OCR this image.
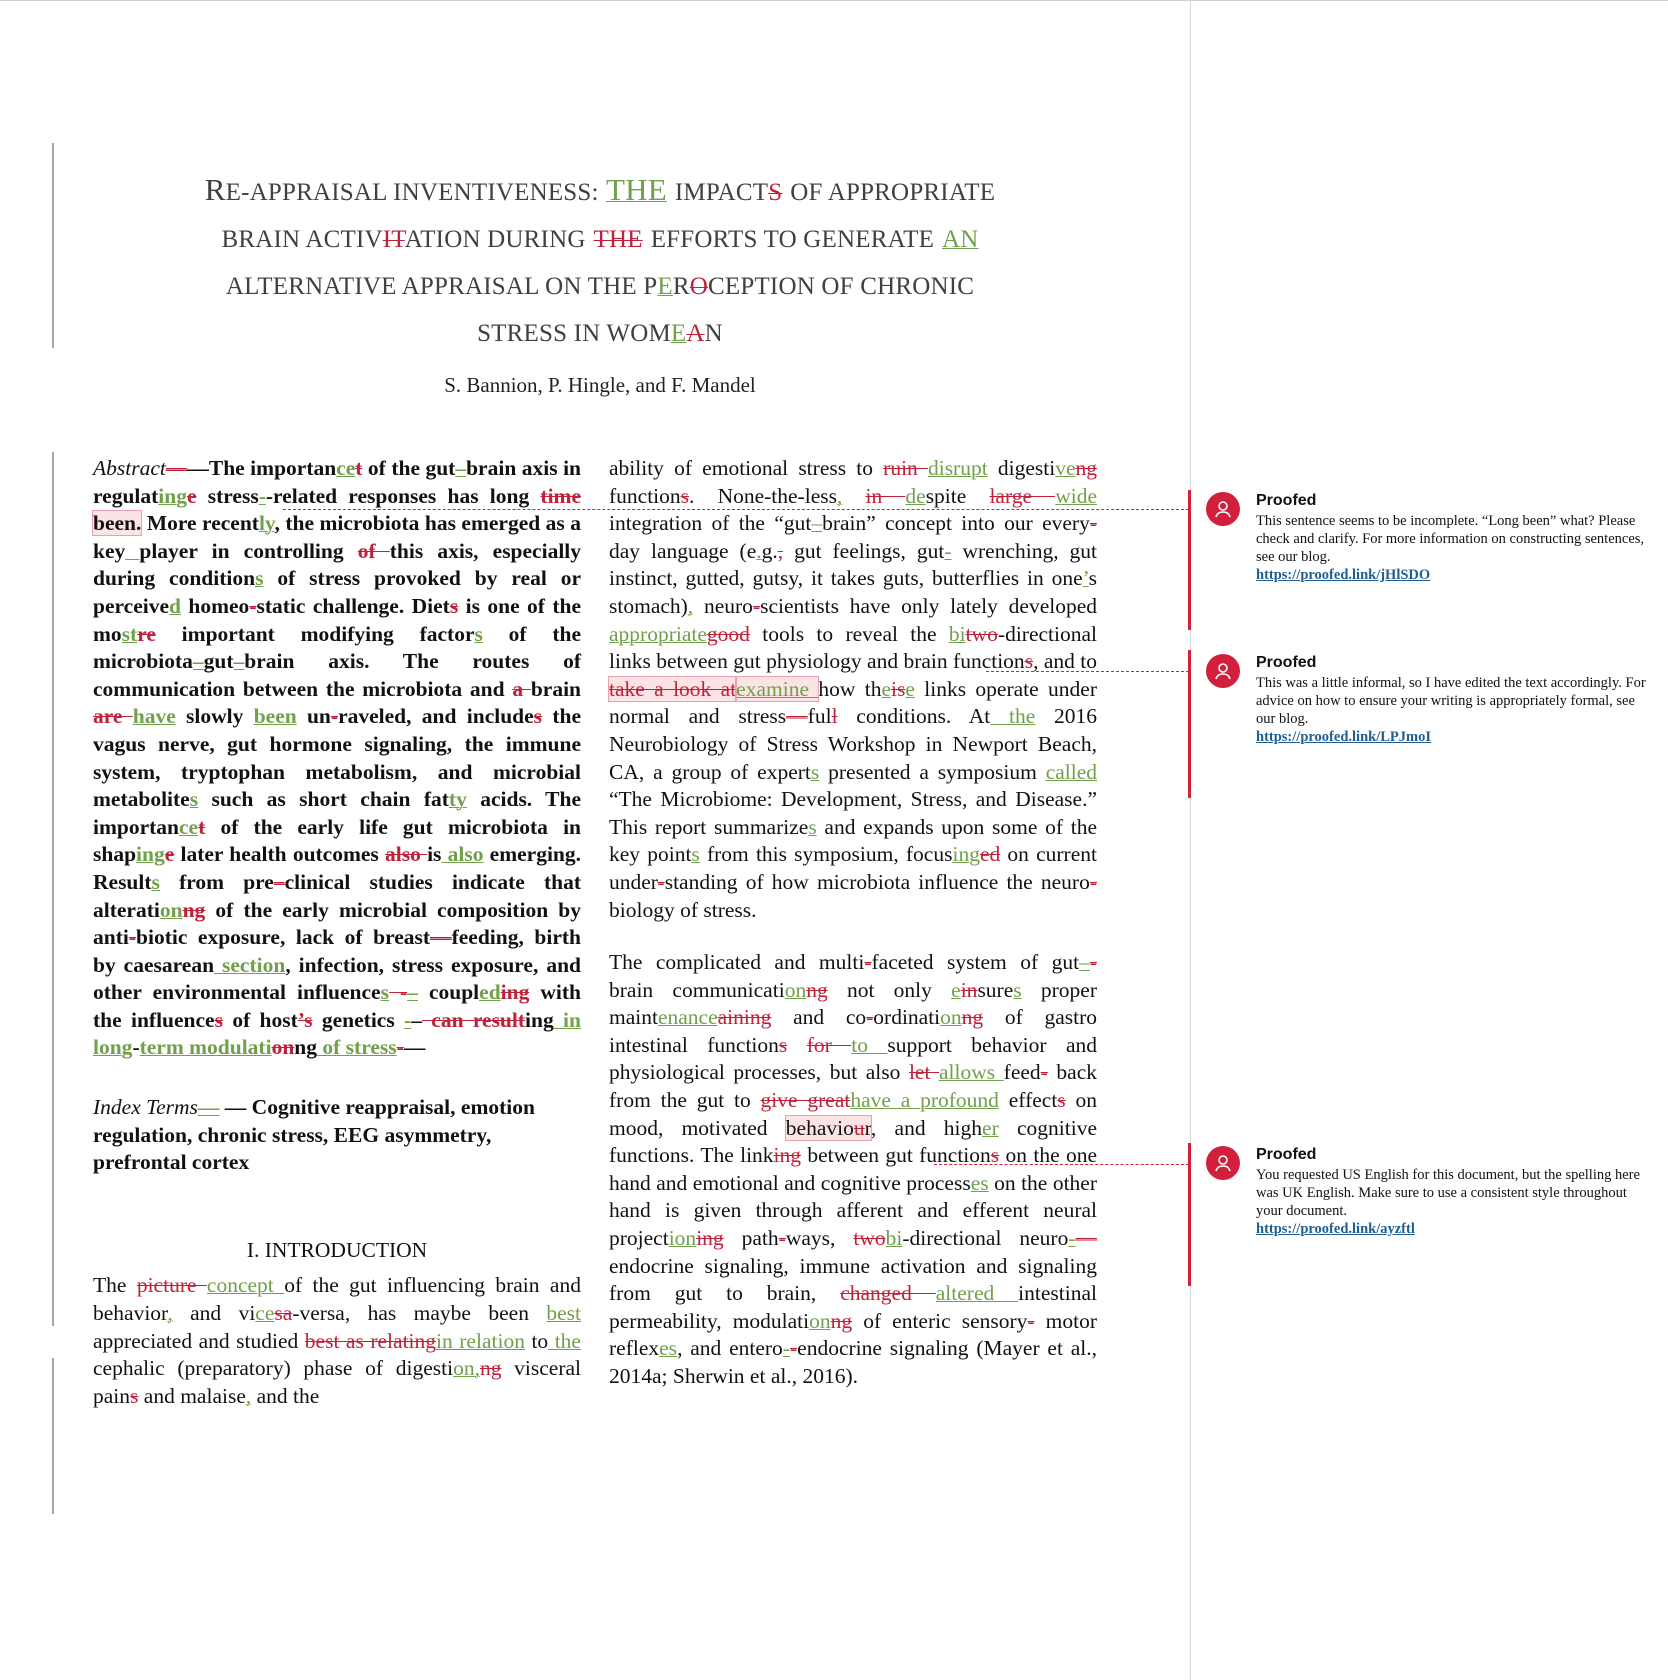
RE-APPRAISAL INVENTIVENESS: THE IMPACTS OF APPROPRIATE
BRAIN ACTIVITATION DURING THE EFFORTS TO GENERATE AN
ALTERNATIVE APPRAISAL ON THE PEROCEPTION OF CHRONIC
STRESS IN WOMEAN
S. Bannion, P. Hingle, and F. Mandel

Abstract——The importancet of the gut–brain axis in regulatinge stress--related responses has long time been. More recently, the microbiota has emerged as a key player in controlling of this axis, especially during conditions of stress provoked by real or perceived homeo-static challenge. Diets is one of the mostre important modifying factors of the microbiota–gut–brain axis. The routes of communication between the microbiota and a brain are have slowly been un-raveled, and includes the vagus nerve, gut hormone signaling, the immune system, tryptophan metabolism, and microbial metabolites such as short chain fatty acids. The importancet of the early life gut microbiota in shapinge later health outcomes also is also emerging. Results from pre–clinical studies indicate that alterationng of the early microbial composition by anti-biotic exposure, lack of breast—feeding, birth by caesarean section, infection, stress exposure, and other environmental influences -– coupleding with the influences of host’s genetics -– can resulting in long-term modulationng of stress-—

Index Terms— — Cognitive reappraisal, emotion regulation, chronic stress, EEG asymmetry, prefrontal cortex

I. INTRODUCTION

The picture concept of the gut influencing brain and behavior, and vicesa-versa, has maybe been best appreciated and studied best as relatingin relation to the cephalic (preparatory) phase of digestion,ng visceral pains and malaise, and the

ability of emotional stress to ruin disrupt digestiveng functions. None-the-less, in despite large wide integration of the “gut–brain” concept into our every-day language (e.g., gut feelings, gut- wrenching, gut instinct, gutted, gutsy, it takes guts, butterflies in one’s stomach), neuro-scientists have only lately developed appropriategood tools to reveal the bitwo-directional links between gut physiology and brain functions, and to take a look atexamine how theise links operate under normal and stress—full conditions. At the 2016 Neurobiology of Stress Workshop in Newport Beach, CA, a group of experts presented a symposium called “The Microbiome: Development, Stress, and Disease.” This report summarizes and expands upon some of the key points from this symposium, focusinged on current under-standing of how microbiota influence the neuro-biology of stress.

The complicated and multi-faceted system of gut–- brain communicationng not only einsures proper maintenanceaining and co-ordinationng of gastro intestinal functions for to support behavior and physiological processes, but also let allows feed- back from the gut to give greathave a profound effects on mood, motivated behaviour, and higher cognitive functions. The linking between gut functions on the one hand and emotional and cognitive processes on the other hand is given through afferent and efferent neural projectioning path-ways, twobi-directional neuro-—endocrine signaling, immune activation and signaling from gut to brain, changed altered intestinal permeability, modulationng of enteric sensory- motor reflexes, and entero--endocrine signaling (Mayer et al., 2014a; Sherwin et al., 2016).

Proofed
This sentence seems to be incomplete. “Long been” what? Please check and clarify. For more information on constructing sentences, see our blog.
https://proofed.link/jHlSDO
Proofed
This was a little informal, so I have edited the text accordingly. For advice on how to ensure your writing is appropriately formal, see our blog.
https://proofed.link/LPJmoI
Proofed
You requested US English for this document, but the spelling here was UK English. Make sure to use a consistent style throughout your document.
https://proofed.link/ayzftl
